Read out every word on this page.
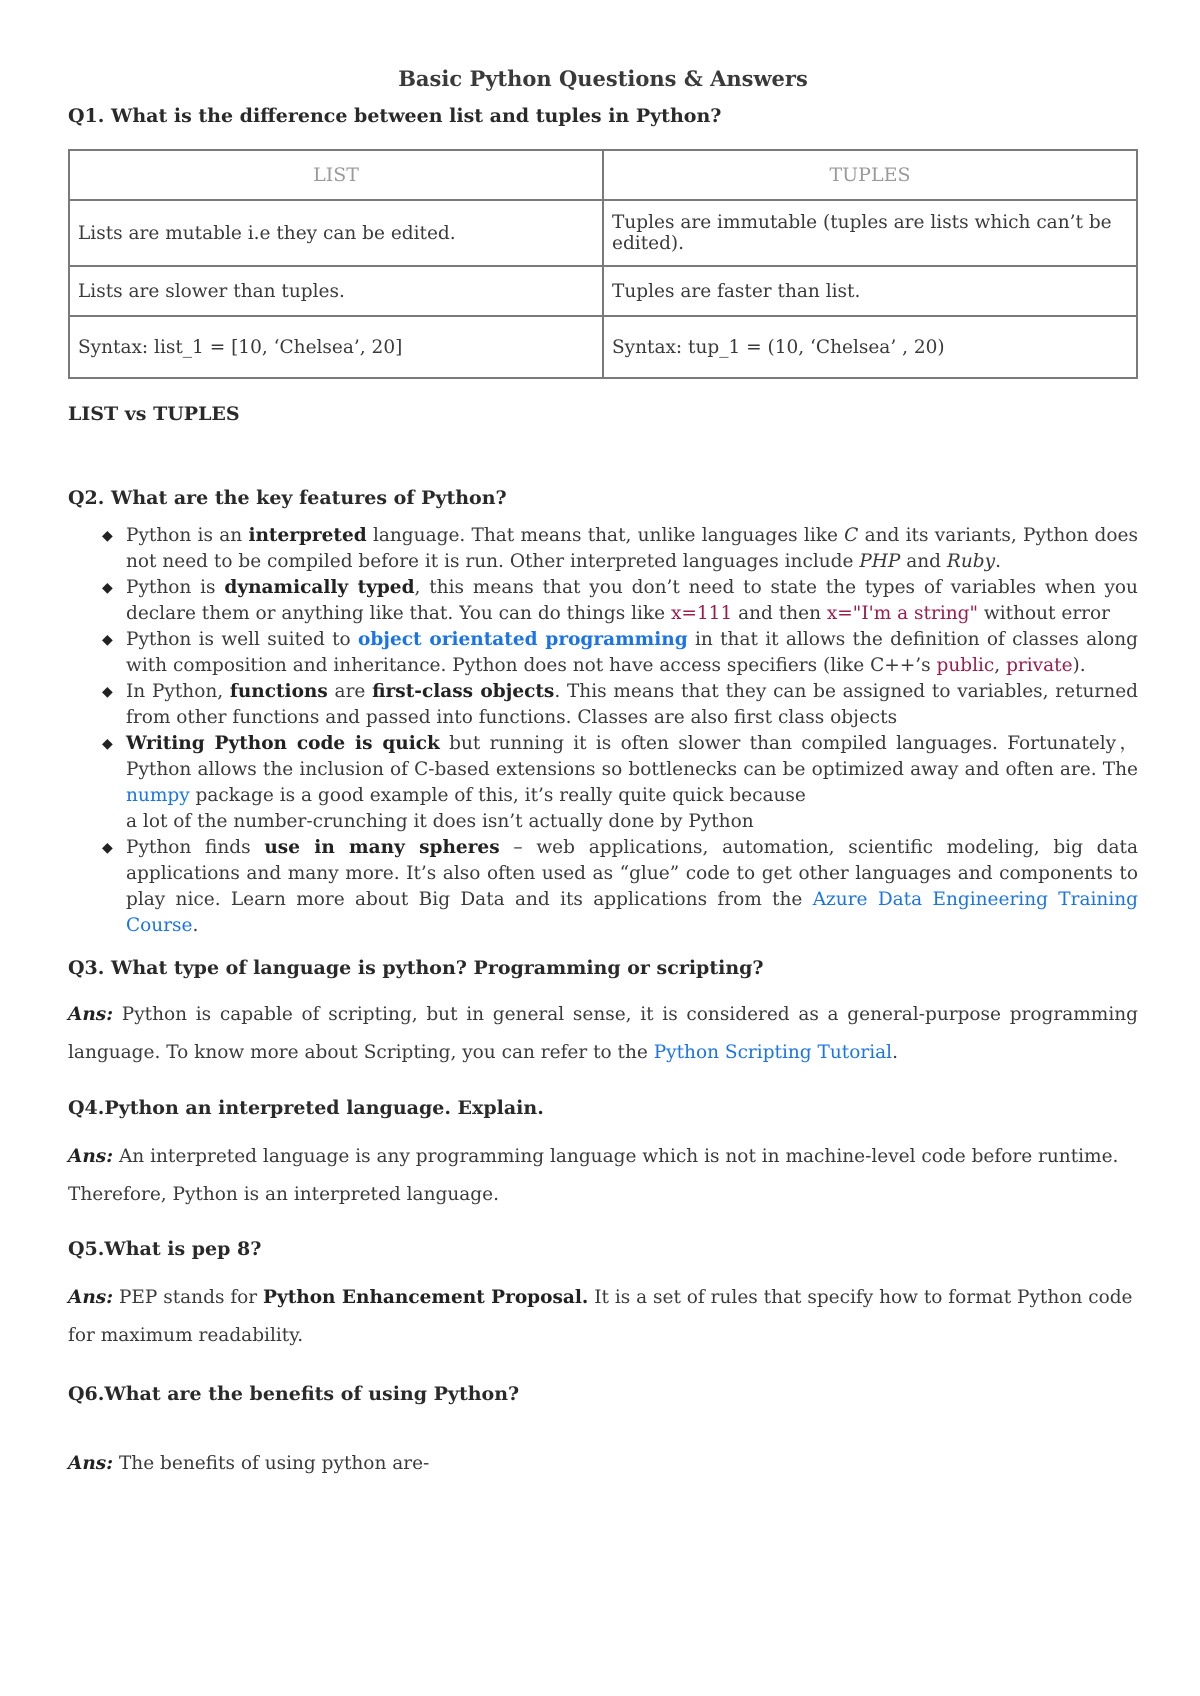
Basic Python Questions & Answers
Q1. What is the difference between list and tuples in Python?
LIST	TUPLES
Lists are mutable i.e they can be edited.	Tuples are immutable (tuples are lists which can’t be edited).
Lists are slower than tuples.	Tuples are faster than list.
Syntax: list_1 = [10, ‘Chelsea’, 20]	Syntax: tup_1 = (10, ‘Chelsea’ , 20)
LIST vs TUPLES
Q2. What are the key features of Python?
◆ Python is an interpreted language. That means that, unlike languages like C and its variants, Python does not need to be compiled before it is run. Other interpreted languages include PHP and Ruby.
◆ Python is dynamically typed, this means that you don’t need to state the types of variables when you declare them or anything like that. You can do things like x=111 and then x="I'm a string" without error
◆ Python is well suited to object orientated programming in that it allows the definition of classes along with composition and inheritance. Python does not have access specifiers (like C++’s public, private).
◆ In Python, functions are first-class objects. This means that they can be assigned to variables, returned from other functions and passed into functions. Classes are also first class objects
◆ Writing Python code is quick but running it is often slower than compiled languages. Fortunately，Python allows the inclusion of C-based extensions so bottlenecks can be optimized away and often are. The numpy package is a good example of this, it’s really quite quick because
a lot of the number-crunching it does isn’t actually done by Python
◆ Python finds use in many spheres – web applications, automation, scientific modeling, big data applications and many more. It’s also often used as “glue” code to get other languages and components to play nice. Learn more about Big Data and its applications from the Azure Data Engineering Training Course.
Q3. What type of language is python? Programming or scripting?
Ans: Python is capable of scripting, but in general sense, it is considered as a general-purpose programming language. To know more about Scripting, you can refer to the Python Scripting Tutorial.
Q4.Python an interpreted language. Explain.
Ans: An interpreted language is any programming language which is not in machine-level code before runtime. Therefore, Python is an interpreted language.
Q5.What is pep 8?
Ans: PEP stands for Python Enhancement Proposal. It is a set of rules that specify how to format Python code for maximum readability.
Q6.What are the benefits of using Python?
Ans: The benefits of using python are-
